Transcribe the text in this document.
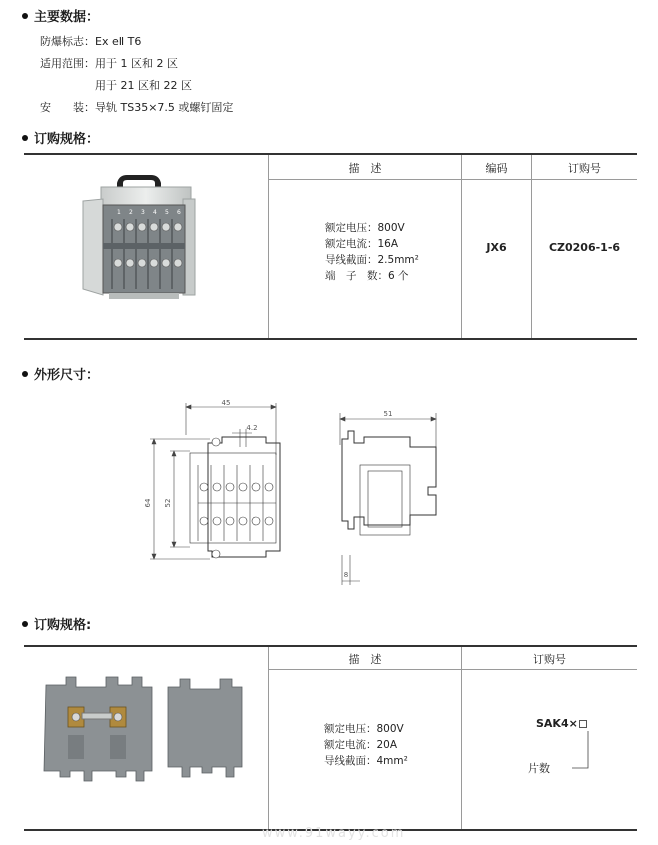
主要数据：
防爆标志：Ex eⅡ T6
适用范围：用于 1 区和 2 区
用于 21 区和 22 区
安　　装：导轨 TS35×7.5 或螺钉固定
订购规格：
描　述	编码	订购号
1 2 3 4 5 6
额定电压：800V
额定电流：16A
导线截面：2.5mm²
端　子　数：6 个
JX6	CZ0206-1-6
外形尺寸：
45
4.2
64 52
51
8
订购规格:
描　述	订购号
额定电压：800V
额定电流：20A
导线截面：4mm²
SAK4×
片数
www.91wayy.com
